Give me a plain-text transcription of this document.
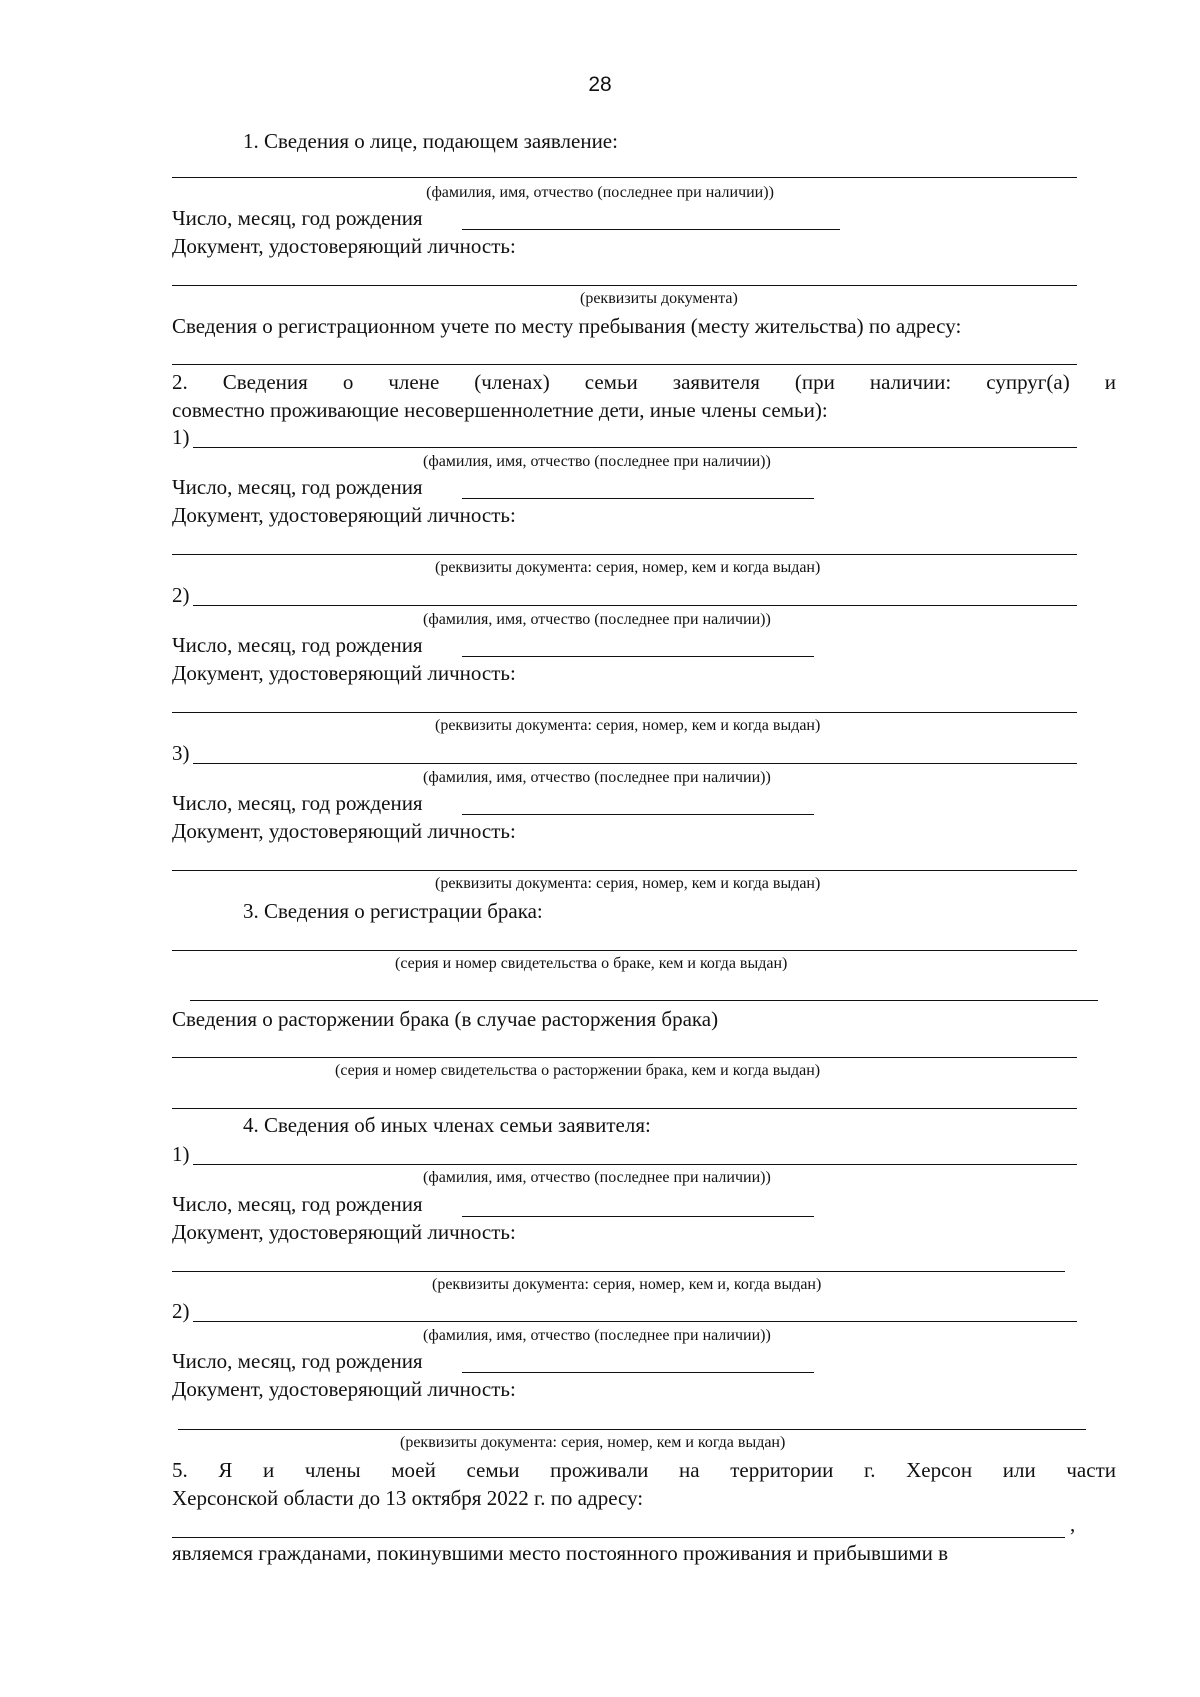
28
1. Сведения о лице, подающем заявление:
(фамилия, имя, отчество (последнее при наличии))
Число, месяц, год рождения
Документ, удостоверяющий личность:
(реквизиты документа)
Сведения о регистрационном учете по месту пребывания (месту жительства) по адресу:
2. Сведения о члене (членах) семьи заявителя (при наличии: супруг(а) и
совместно проживающие несовершеннолетние дети, иные члены семьи):
1)
(фамилия, имя, отчество (последнее при наличии))
Число, месяц, год рождения
Документ, удостоверяющий личность:
(реквизиты документа: серия, номер, кем и когда выдан)
2)
(фамилия, имя, отчество (последнее при наличии))
Число, месяц, год рождения
Документ, удостоверяющий личность:
(реквизиты документа: серия, номер, кем и когда выдан)
3)
(фамилия, имя, отчество (последнее при наличии))
Число, месяц, год рождения
Документ, удостоверяющий личность:
(реквизиты документа: серия, номер, кем и когда выдан)
3. Сведения о регистрации брака:
(серия и номер свидетельства о браке, кем и когда выдан)
Сведения о расторжении брака (в случае расторжения брака)
(серия и номер свидетельства о расторжении брака, кем и когда выдан)
4. Сведения об иных членах семьи заявителя:
1)
(фамилия, имя, отчество (последнее при наличии))
Число, месяц, год рождения
Документ, удостоверяющий личность:
(реквизиты документа: серия, номер, кем и, когда выдан)
2)
(фамилия, имя, отчество (последнее при наличии))
Число, месяц, год рождения
Документ, удостоверяющий личность:
(реквизиты документа: серия, номер, кем и когда выдан)
5. Я и члены моей семьи проживали на территории г. Херсон или части
Херсонской области до 13 октября 2022 г. по адресу:
,
являемся гражданами, покинувшими место постоянного проживания и прибывшими в
